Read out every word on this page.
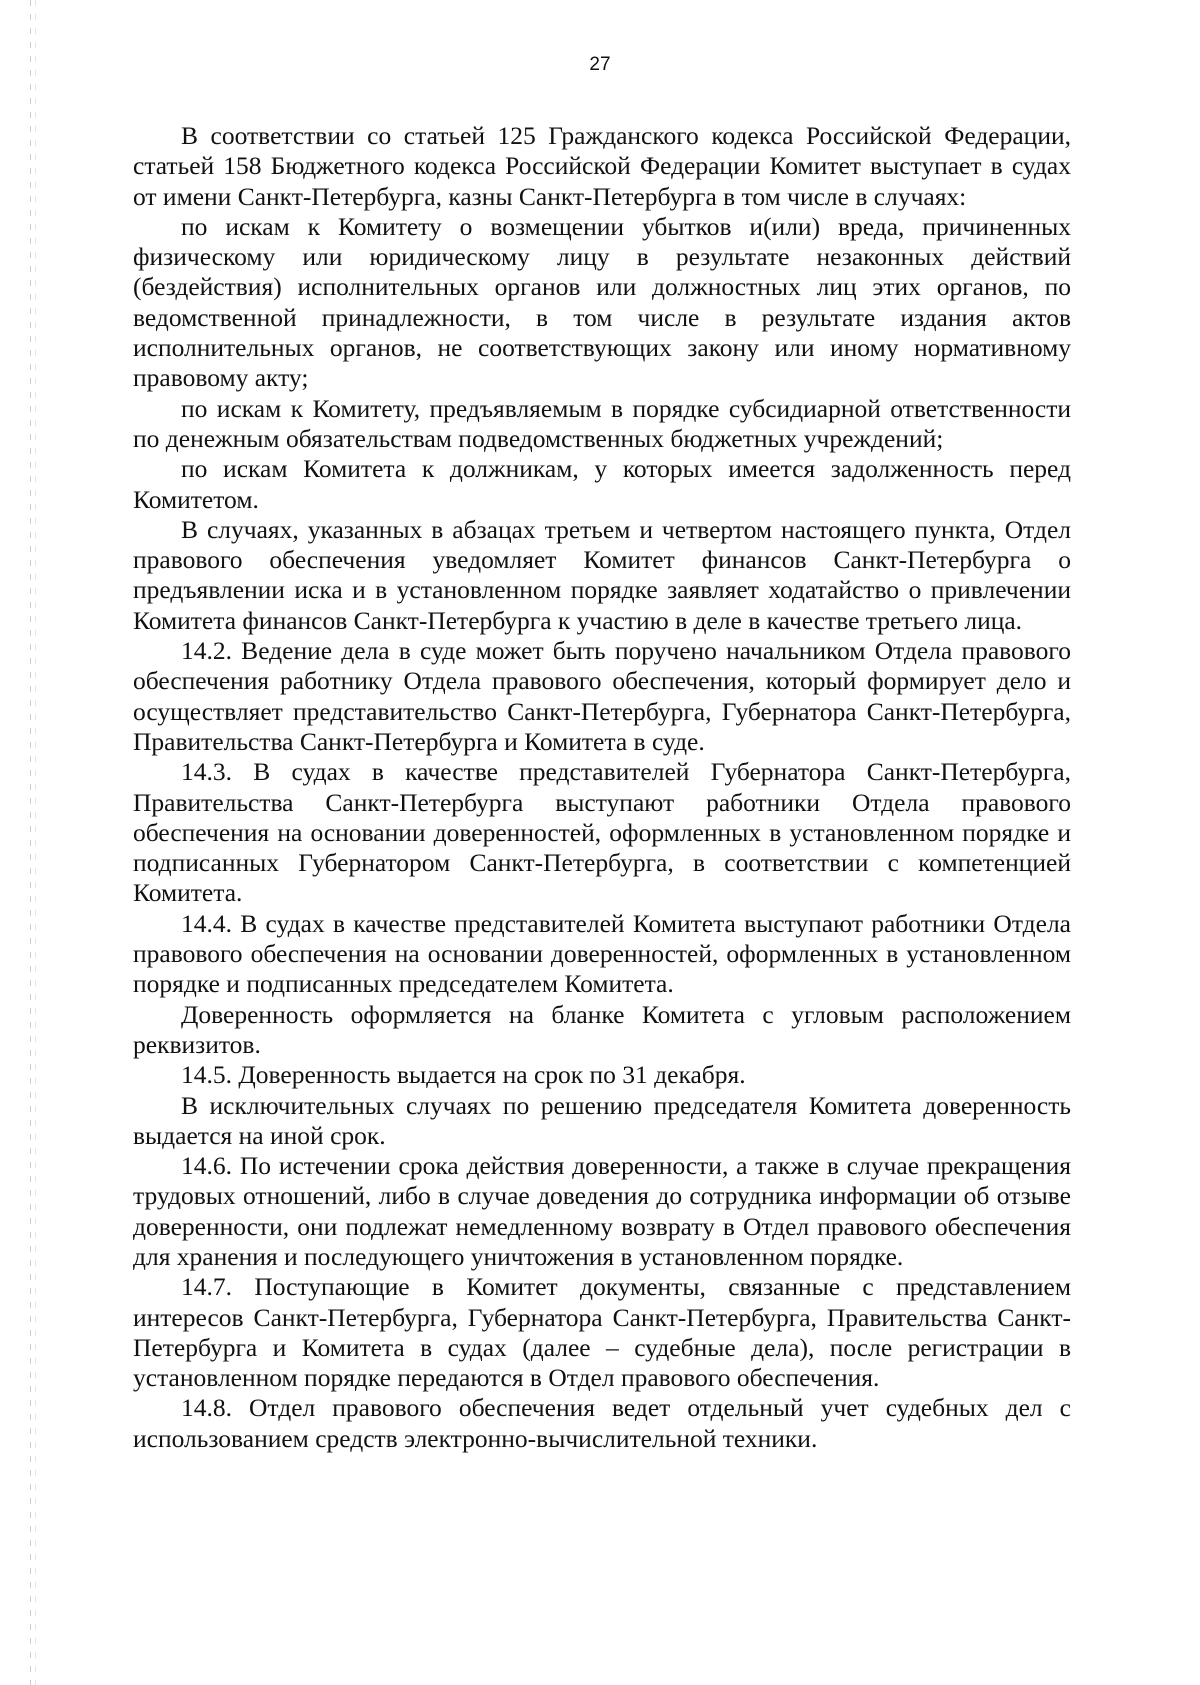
27

В соответствии со статьей 125 Гражданского кодекса Российской Федерации, статьей 158 Бюджетного кодекса Российской Федерации Комитет выступает в судах от имени Санкт-Петербурга, казны Санкт-Петербурга в том числе в случаях:

по искам к Комитету о возмещении убытков и(или) вреда, причиненных физическому или юридическому лицу в результате незаконных действий (бездействия) исполнительных органов или должностных лиц этих органов, по ведомственной принадлежности, в том числе в результате издания актов исполнительных органов, не соответствующих закону или иному нормативному правовому акту;

по искам к Комитету, предъявляемым в порядке субсидиарной ответственности по денежным обязательствам подведомственных бюджетных учреждений;

по искам Комитета к должникам, у которых имеется задолженность перед Комитетом.

В случаях, указанных в абзацах третьем и четвертом настоящего пункта, Отдел правового обеспечения уведомляет Комитет финансов Санкт-Петербурга о предъявлении иска и в установленном порядке заявляет ходатайство о привлечении Комитета финансов Санкт-Петербурга к участию в деле в качестве третьего лица.

14.2. Ведение дела в суде может быть поручено начальником Отдела правового обеспечения работнику Отдела правового обеспечения, который формирует дело и осуществляет представительство Санкт-Петербурга, Губернатора Санкт-Петербурга, Правительства Санкт-Петербурга и Комитета в суде.

14.3. В судах в качестве представителей Губернатора Санкт-Петербурга, Правительства Санкт-Петербурга выступают работники Отдела правового обеспечения на основании доверенностей, оформленных в установленном порядке и подписанных Губернатором Санкт-Петербурга, в соответствии с компетенцией Комитета.

14.4. В судах в качестве представителей Комитета выступают работники Отдела правового обеспечения на основании доверенностей, оформленных в установленном порядке и подписанных председателем Комитета.

Доверенность оформляется на бланке Комитета с угловым расположением реквизитов.

14.5. Доверенность выдается на срок по 31 декабря.

В исключительных случаях по решению председателя Комитета доверенность выдается на иной срок.

14.6. По истечении срока действия доверенности, а также в случае прекращения трудовых отношений, либо в случае доведения до сотрудника информации об отзыве доверенности, они подлежат немедленному возврату в Отдел правового обеспечения для хранения и последующего уничтожения в установленном порядке.

14.7. Поступающие в Комитет документы, связанные с представлением интересов Санкт-Петербурга, Губернатора Санкт-Петербурга, Правительства Санкт-Петербурга и Комитета в судах (далее – судебные дела), после регистрации в установленном порядке передаются в Отдел правового обеспечения.

14.8. Отдел правового обеспечения ведет отдельный учет судебных дел с использованием средств электронно-вычислительной техники.
